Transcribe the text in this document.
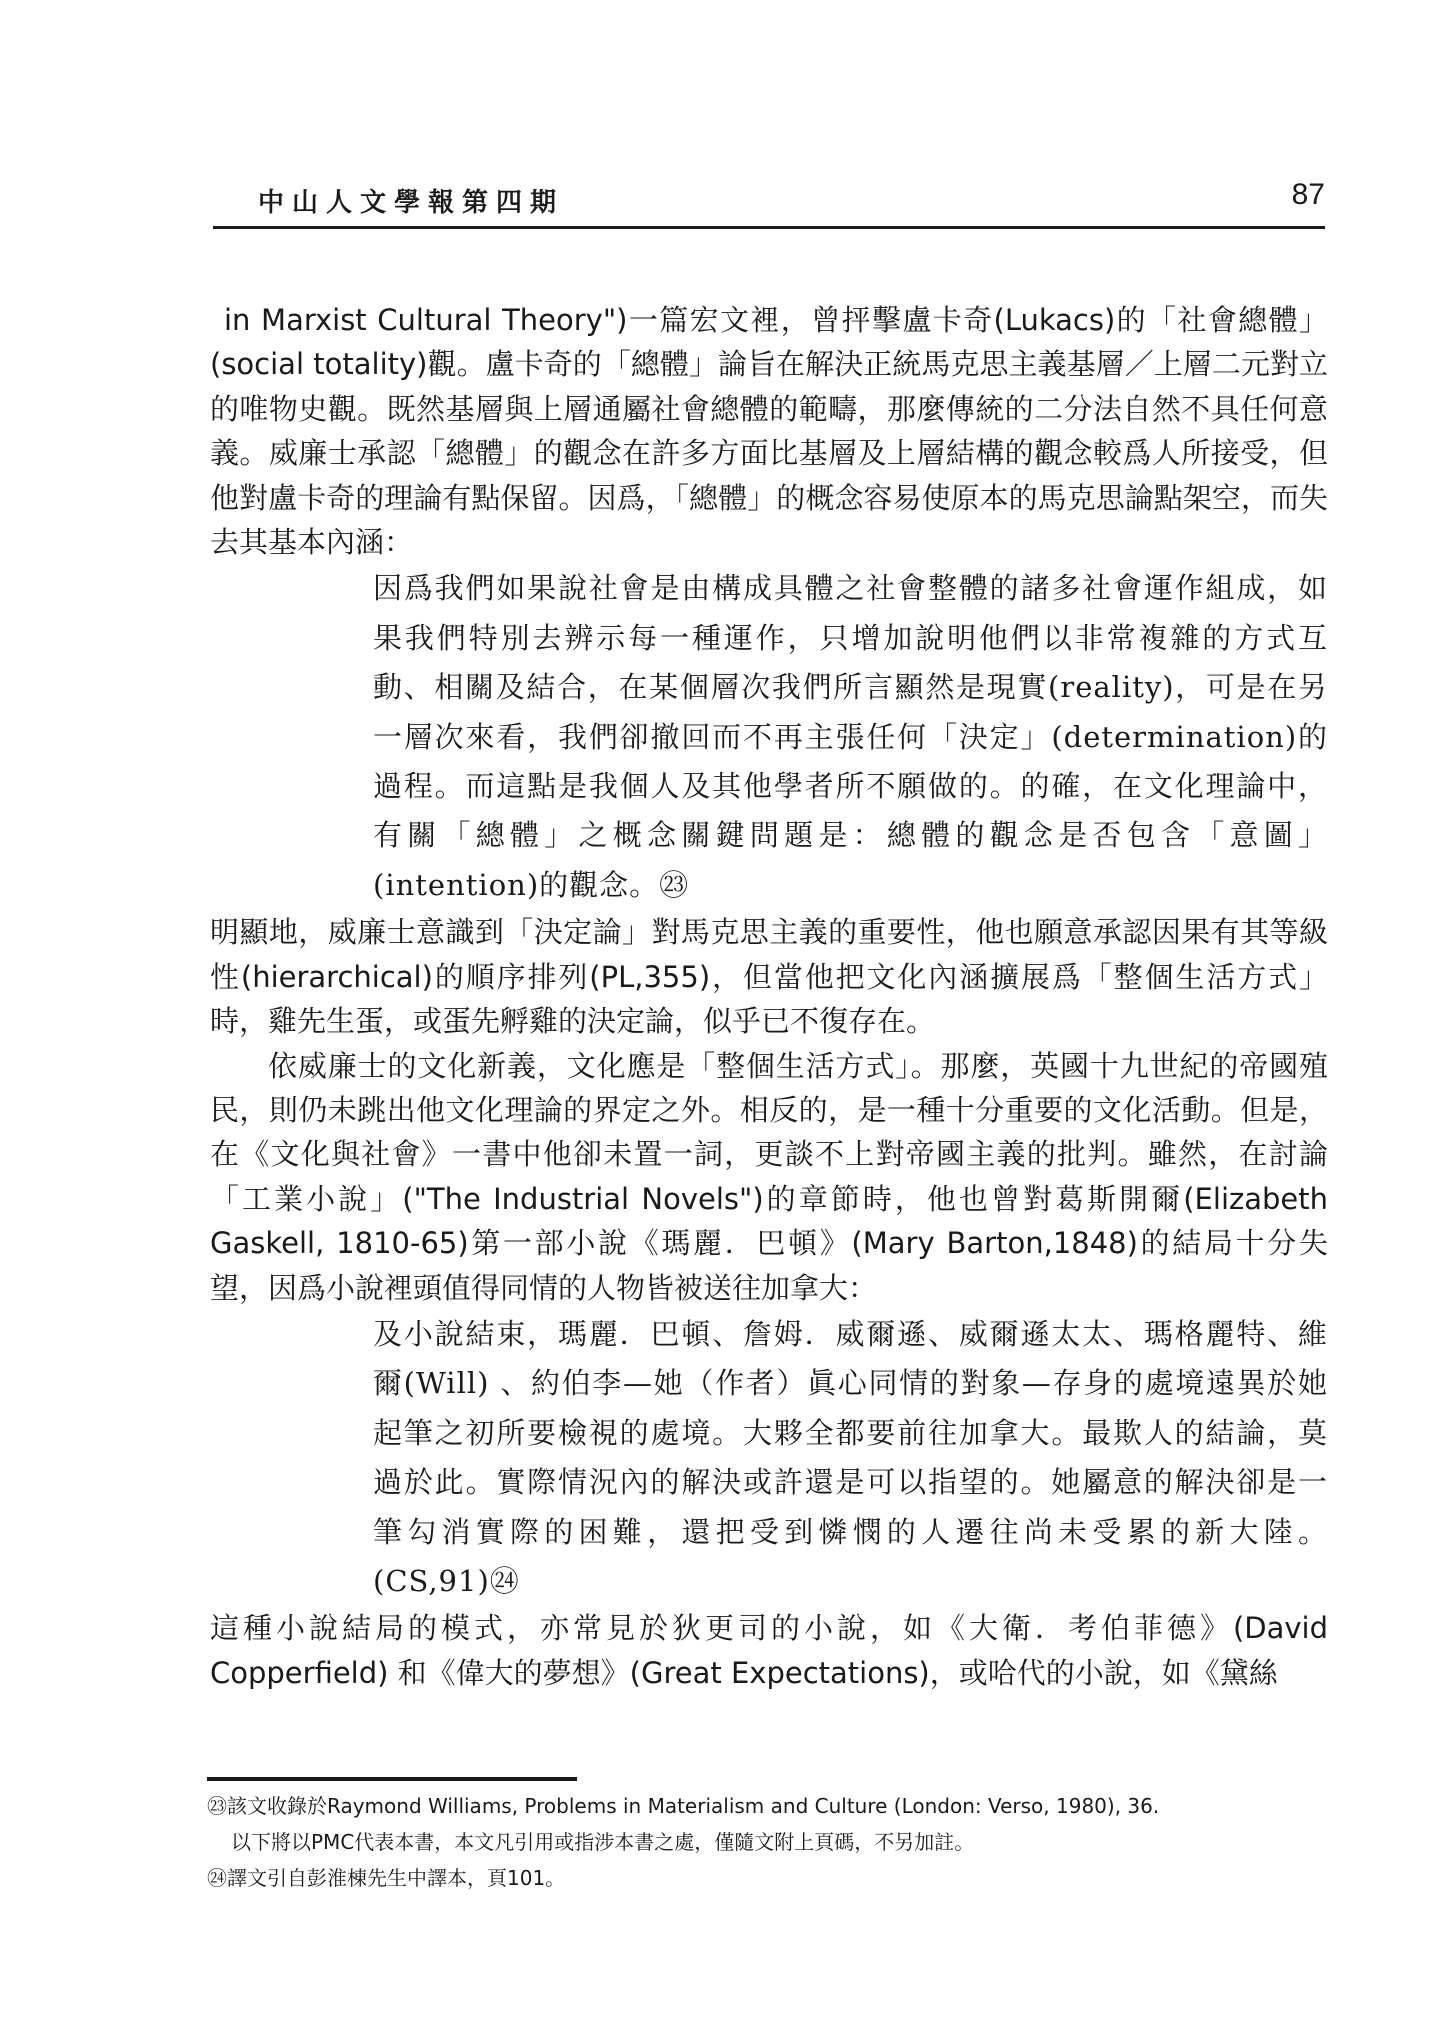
中山人文學報第四期	87

in Marxist Cultural Theory")一篇宏文裡，曾抨擊盧卡奇(Lukacs)的「社會總體」(social totality)觀。盧卡奇的「總體」論旨在解決正統馬克思主義基層／上層二元對立的唯物史觀。既然基層與上層通屬社會總體的範疇，那麼傳統的二分法自然不具任何意義。威廉士承認「總體」的觀念在許多方面比基層及上層結構的觀念較爲人所接受，但他對盧卡奇的理論有點保留。因爲，「總體」的概念容易使原本的馬克思論點架空，而失去其基本內涵：

因爲我們如果說社會是由構成具體之社會整體的諸多社會運作組成，如果我們特別去辨示每一種運作，只增加說明他們以非常複雜的方式互動、相關及結合，在某個層次我們所言顯然是現實(reality)，可是在另一層次來看，我們卻撤回而不再主張任何「決定」(determination)的過程。而這點是我個人及其他學者所不願做的。的確，在文化理論中，有關「總體」之概念關鍵問題是：總體的觀念是否包含「意圖」(intention)的觀念。㉓

明顯地，威廉士意識到「決定論」對馬克思主義的重要性，他也願意承認因果有其等級性(hierarchical)的順序排列(PL,355)，但當他把文化內涵擴展爲「整個生活方式」時，雞先生蛋，或蛋先孵雞的決定論，似乎已不復存在。

依威廉士的文化新義，文化應是「整個生活方式」。那麼，英國十九世紀的帝國殖民，則仍未跳出他文化理論的界定之外。相反的，是一種十分重要的文化活動。但是，在《文化與社會》一書中他卻未置一詞，更談不上對帝國主義的批判。雖然，在討論「工業小說」("The Industrial Novels")的章節時，他也曾對葛斯開爾(Elizabeth Gaskell, 1810-65)第一部小說《瑪麗．巴頓》(Mary Barton,1848)的結局十分失望，因爲小說裡頭值得同情的人物皆被送往加拿大：

及小說結束，瑪麗．巴頓、詹姆．威爾遜、威爾遜太太、瑪格麗特、維爾(Will) 、約伯李—她（作者）眞心同情的對象—存身的處境遠異於她起筆之初所要檢視的處境。大夥全都要前往加拿大。最欺人的結論，莫過於此。實際情況內的解決或許還是可以指望的。她屬意的解決卻是一筆勾消實際的困難，還把受到憐憫的人遷往尚未受累的新大陸。(CS,91)㉔

這種小說結局的模式，亦常見於狄更司的小說，如《大衛．考伯菲德》(David Copperfield) 和《偉大的夢想》(Great Expectations)，或哈代的小說，如《黛絲

㉓該文收錄於Raymond Williams, Problems in Materialism and Culture (London: Verso, 1980), 36.

以下將以PMC代表本書，本文凡引用或指涉本書之處，僅隨文附上頁碼，不另加註。

㉔譯文引自彭淮棟先生中譯本，頁101。
